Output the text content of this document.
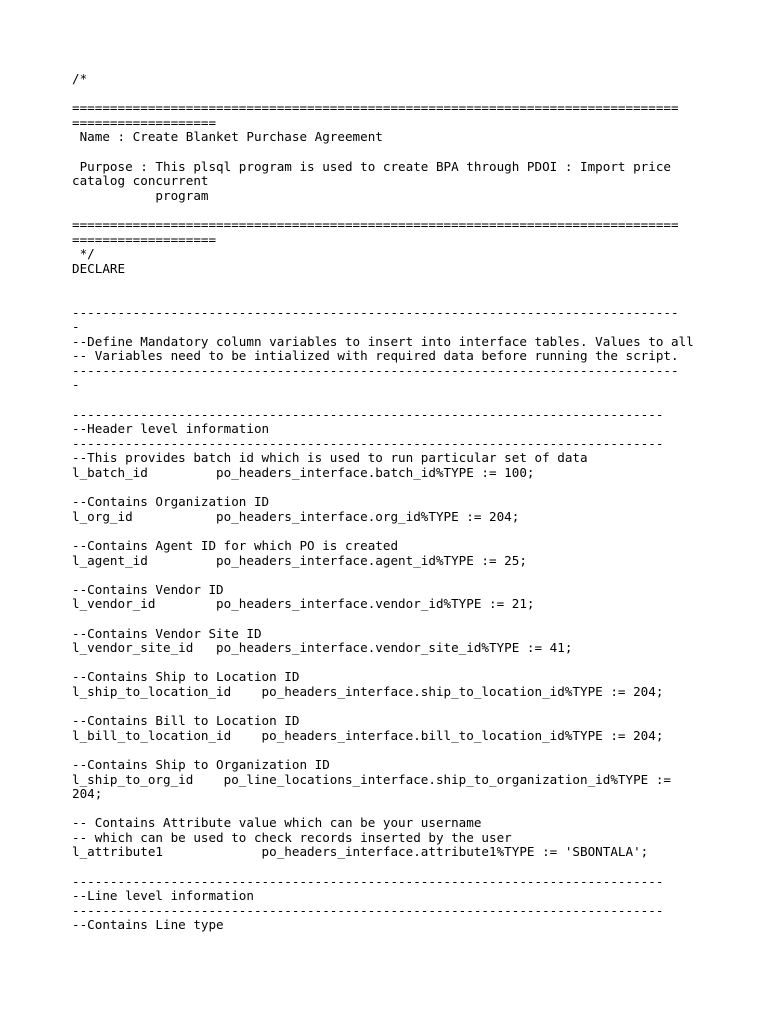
/*
================================================================================
===================
Name : Create Blanket Purchase Agreement
Purpose : This plsql program is used to create BPA through PDOI : Import price
catalog concurrent
program
================================================================================
===================
*/
DECLARE
--------------------------------------------------------------------------------
-
--Define Mandatory column variables to insert into interface tables. Values to all
-- Variables need to be intialized with required data before running the script.
--------------------------------------------------------------------------------
-
------------------------------------------------------------------------------
--Header level information
------------------------------------------------------------------------------
--This provides batch id which is used to run particular set of data
l_batch_id         po_headers_interface.batch_id%TYPE := 100;
--Contains Organization ID
l_org_id           po_headers_interface.org_id%TYPE := 204;
--Contains Agent ID for which PO is created
l_agent_id         po_headers_interface.agent_id%TYPE := 25;
--Contains Vendor ID
l_vendor_id        po_headers_interface.vendor_id%TYPE := 21;
--Contains Vendor Site ID
l_vendor_site_id   po_headers_interface.vendor_site_id%TYPE := 41;
--Contains Ship to Location ID
l_ship_to_location_id    po_headers_interface.ship_to_location_id%TYPE := 204;
--Contains Bill to Location ID
l_bill_to_location_id    po_headers_interface.bill_to_location_id%TYPE := 204;
--Contains Ship to Organization ID
l_ship_to_org_id    po_line_locations_interface.ship_to_organization_id%TYPE :=
204;
-- Contains Attribute value which can be your username
-- which can be used to check records inserted by the user
l_attribute1             po_headers_interface.attribute1%TYPE := 'SBONTALA';
------------------------------------------------------------------------------
--Line level information
------------------------------------------------------------------------------
--Contains Line type
